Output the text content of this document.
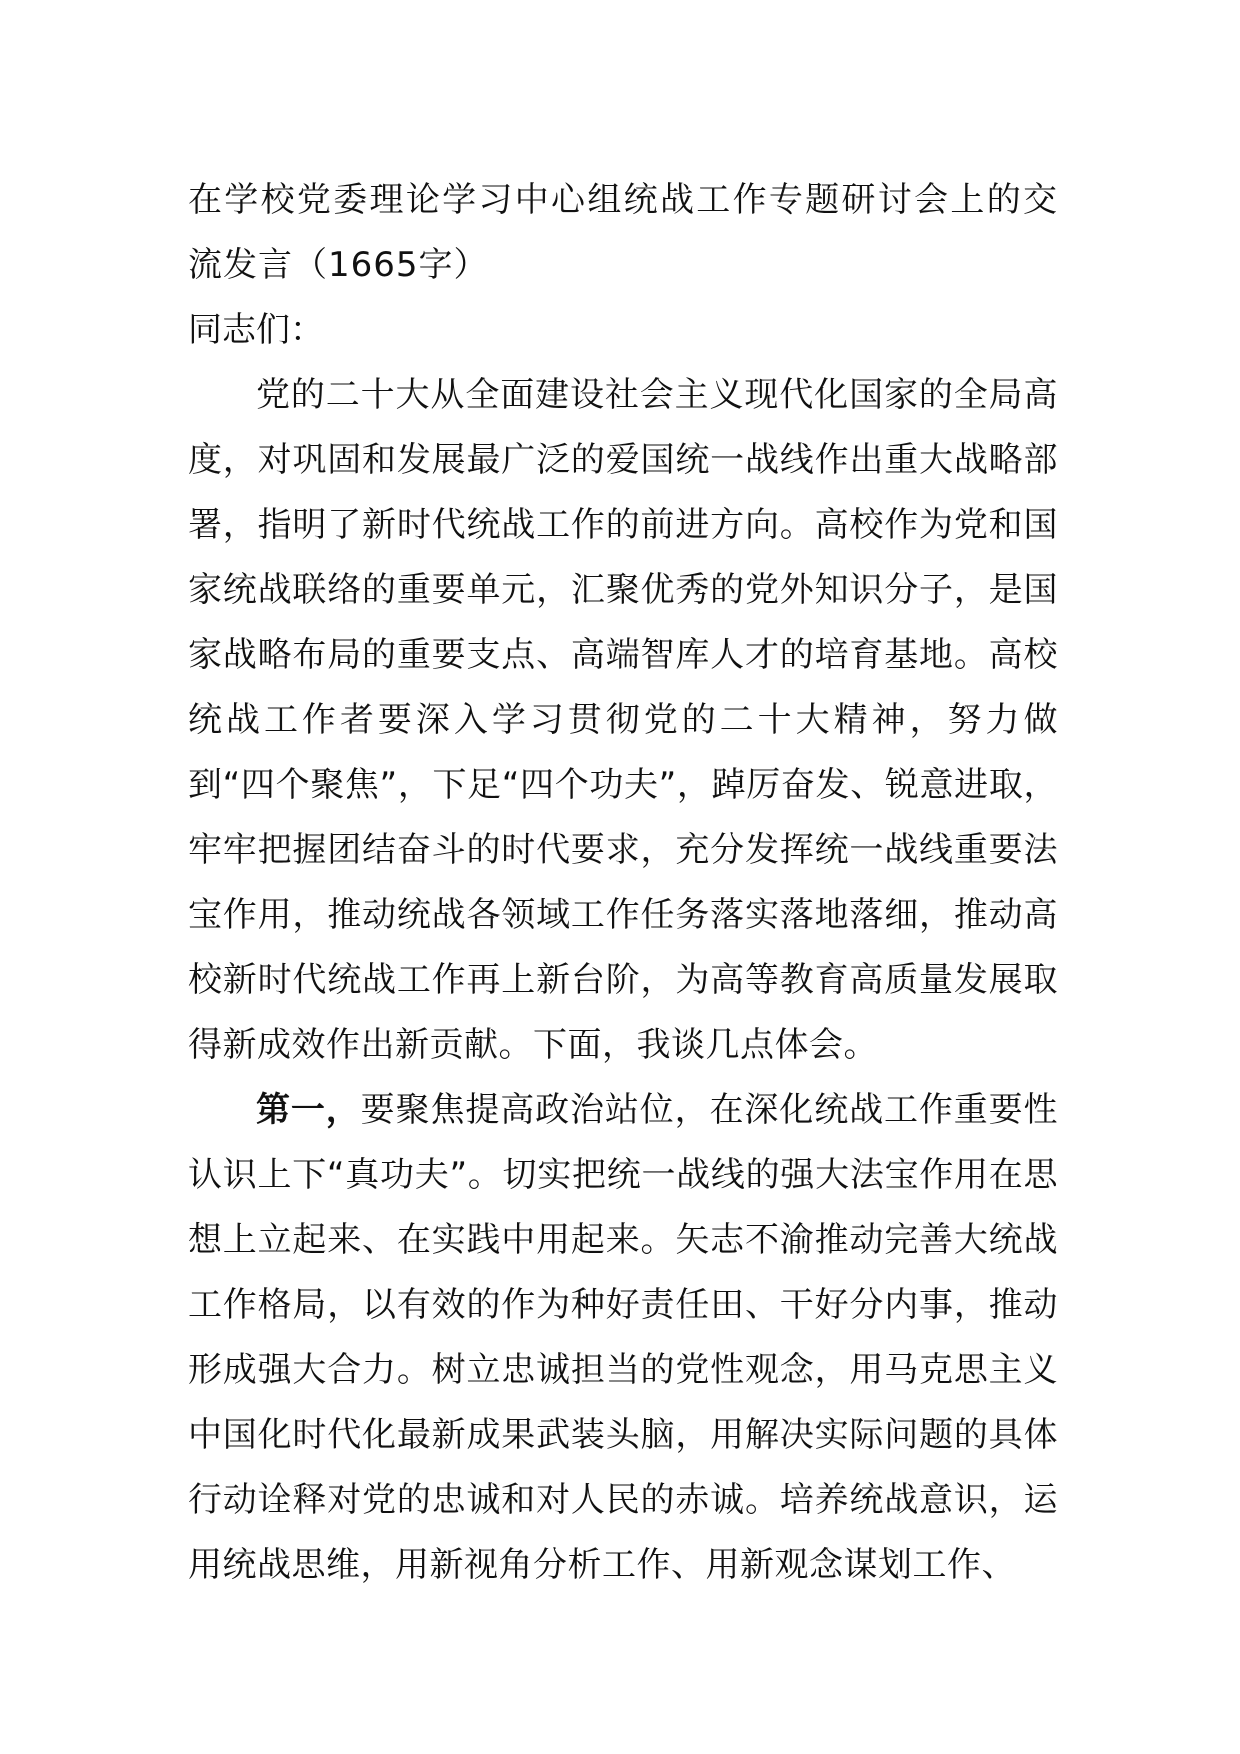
在学校党委理论学习中心组统战工作专题研讨会上的交流发言（1665字）

同志们：

党的二十大从全面建设社会主义现代化国家的全局高度，对巩固和发展最广泛的爱国统一战线作出重大战略部署，指明了新时代统战工作的前进方向。高校作为党和国家统战联络的重要单元，汇聚优秀的党外知识分子，是国家战略布局的重要支点、高端智库人才的培育基地。高校统战工作者要深入学习贯彻党的二十大精神，努力做到“四个聚焦”，下足“四个功夫”，踔厉奋发、锐意进取，牢牢把握团结奋斗的时代要求，充分发挥统一战线重要法宝作用，推动统战各领域工作任务落实落地落细，推动高校新时代统战工作再上新台阶，为高等教育高质量发展取得新成效作出新贡献。下面，我谈几点体会。

第一，要聚焦提高政治站位，在深化统战工作重要性认识上下“真功夫”。切实把统一战线的强大法宝作用在思想上立起来、在实践中用起来。矢志不渝推动完善大统战工作格局，以有效的作为种好责任田、干好分内事，推动形成强大合力。树立忠诚担当的党性观念，用马克思主义中国化时代化最新成果武装头脑，用解决实际问题的具体行动诠释对党的忠诚和对人民的赤诚。培养统战意识，运用统战思维，用新视角分析工作、用新观念谋划工作、
